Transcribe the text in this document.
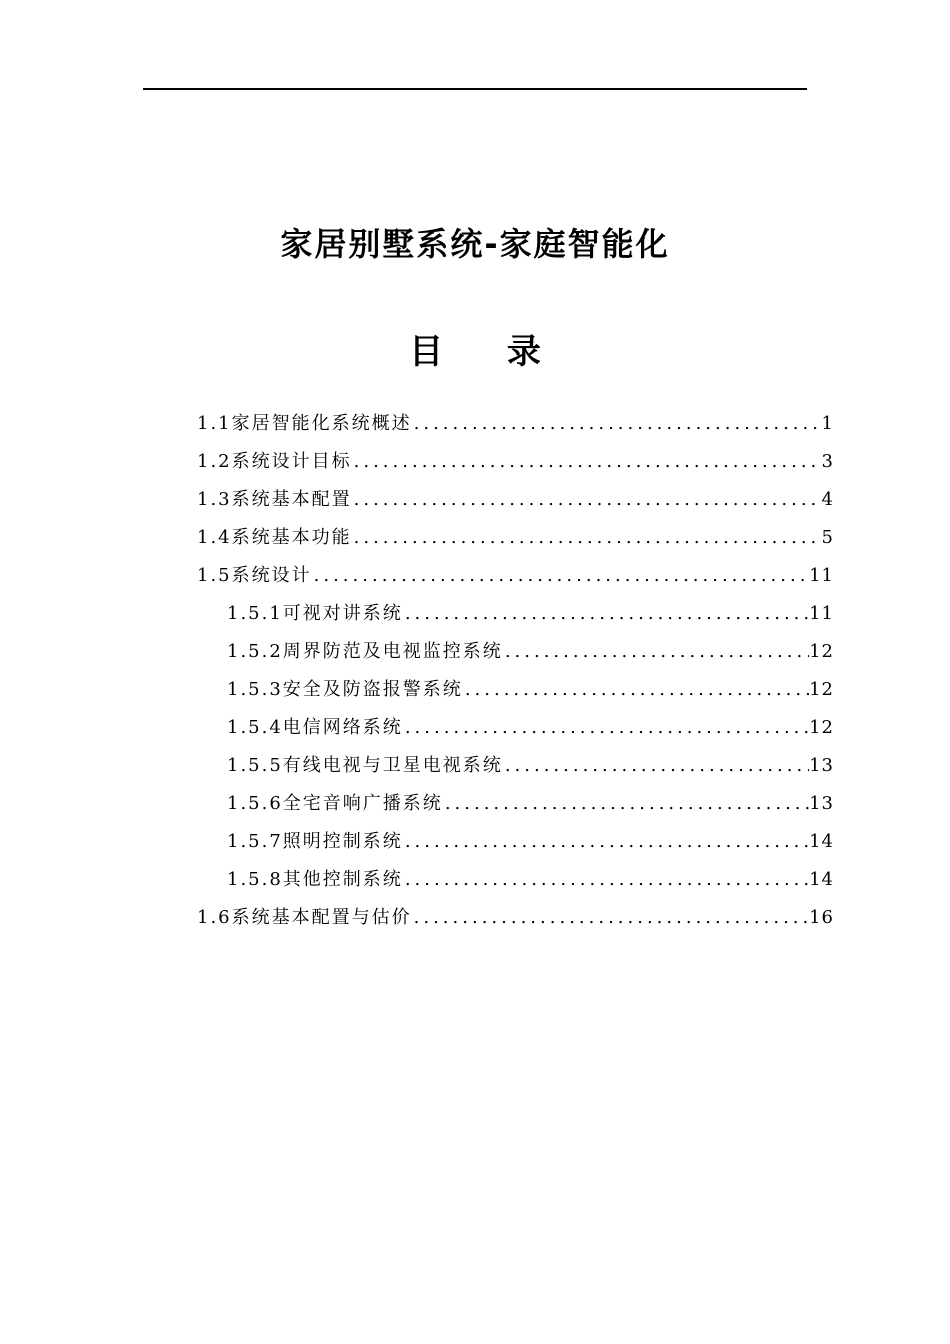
家居别墅系统-家庭智能化
目 录
1.1家居智能化系统概述 .....	1
1.2系统设计目标 .....	3
1.3系统基本配置 .....	4
1.4系统基本功能 .....	5
1.5系统设计 .....	11
1.5.1可视对讲系统 .....	11
1.5.2周界防范及电视监控系统 .....	12
1.5.3安全及防盗报警系统 .....	12
1.5.4电信网络系统 .....	12
1.5.5有线电视与卫星电视系统 .....	13
1.5.6全宅音响广播系统 .....	13
1.5.7照明控制系统 .....	14
1.5.8其他控制系统 .....	14
1.6系统基本配置与估价 .....	16
